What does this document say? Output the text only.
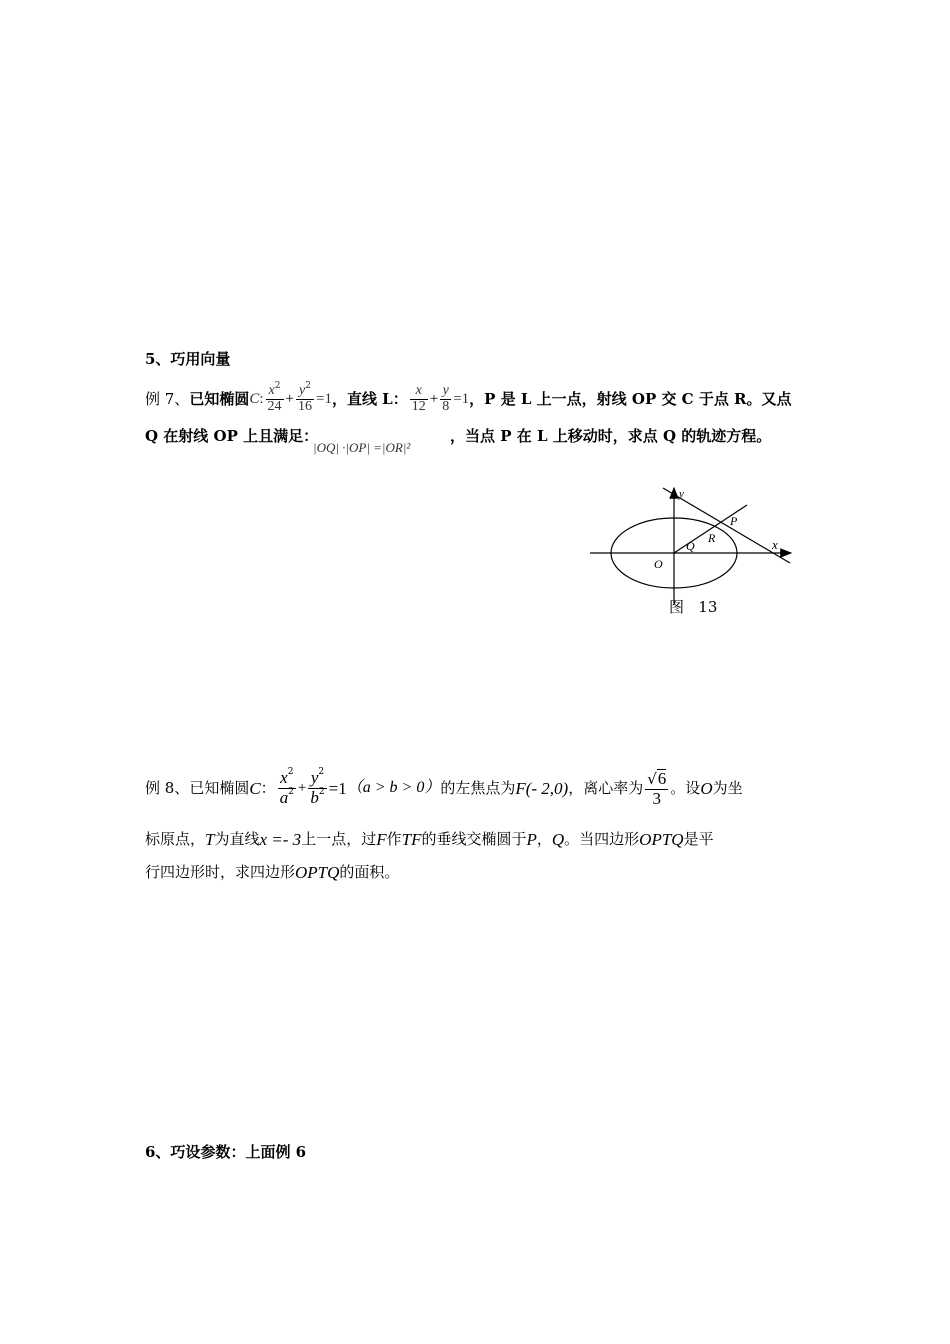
5、巧用向量
例 7、 已知椭圆 C : $\frac{x^2}{24} + \frac{y^2}{16} =1$ ，直线 L： $\frac{x}{12} + \frac{y}{8} =1$ ，P 是 L 上一点，射线 OP 交 C 于点 R。又点
Q 在射线 OP 上且满足：
|OQ| ·|OP| =|OR|²
，当点 P 在 L 上移动时，求点 Q 的轨迹方程。
y
x
O
P
Q
R
图   13
例 8、 已知椭圆 C ： $\frac{x^2}{a^2} + \frac{y^2}{b^2} =1$ （a > b > 0） 的左焦点为 F(- 2,0) ，离心率为 $\frac{√6}{3}$ 。设 O 为坐
标原点， T 为直线 x =- 3 上一点，过 F 作 TF 的垂线交椭圆于 P ， Q 。当四边形 OPTQ 是平
行四边形时，求四边形 OPTQ 的面积。
6、巧设参数：上面例 6
